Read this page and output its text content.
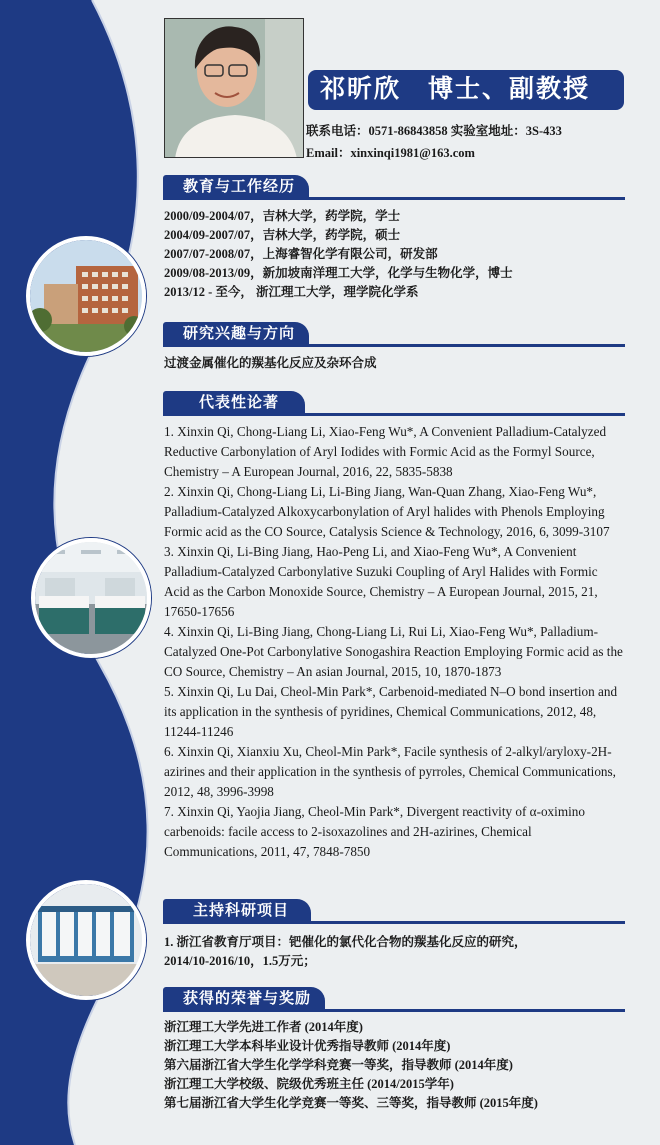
祁昕欣　博士、副教授
联系电话：0571-86843858 实验室地址：3S-433
Email：xinxinqi1981@163.com
教育与工作经历
2000/09-2004/07，吉林大学，药学院，学士
2004/09-2007/07，吉林大学，药学院，硕士
2007/07-2008/07，上海睿智化学有限公司，研发部
2009/08-2013/09，新加坡南洋理工大学，化学与生物化学，博士
2013/12 - 至今， 浙江理工大学，理学院化学系
研究兴趣与方向
过渡金属催化的羰基化反应及杂环合成
代表性论著
1. Xinxin Qi, Chong-Liang Li, Xiao-Feng Wu*, A Convenient Palladium-Catalyzed Reductive Carbonylation of Aryl Iodides with Formic Acid as the Formyl Source, Chemistry – A European Journal, 2016, 22, 5835-5838
2. Xinxin Qi, Chong-Liang Li, Li-Bing Jiang, Wan-Quan Zhang, Xiao-Feng Wu*, Palladium-Catalyzed Alkoxycarbonylation of Aryl halides with Phenols Employing Formic acid as the CO Source, Catalysis Science & Technology, 2016, 6, 3099-3107
3. Xinxin Qi, Li-Bing Jiang, Hao-Peng Li, and Xiao-Feng Wu*, A Convenient Palladium-Catalyzed Carbonylative Suzuki Coupling of Aryl Halides with Formic Acid as the Carbon Monoxide Source, Chemistry – A European Journal, 2015, 21, 17650-17656
4. Xinxin Qi, Li-Bing Jiang, Chong-Liang Li, Rui Li, Xiao-Feng Wu*, Palladium-Catalyzed One-Pot Carbonylative Sonogashira Reaction Employing Formic acid as the CO Source, Chemistry – An asian Journal, 2015, 10, 1870-1873
5. Xinxin Qi, Lu Dai, Cheol-Min Park*, Carbenoid-mediated N–O bond insertion and its application in the synthesis of pyridines, Chemical Communications, 2012, 48, 11244-11246
6. Xinxin Qi, Xianxiu Xu, Cheol-Min Park*, Facile synthesis of 2-alkyl/aryloxy-2H-azirines and their application in the synthesis of pyrroles, Chemical Communications, 2012, 48, 3996-3998
7. Xinxin Qi, Yaojia Jiang, Cheol-Min Park*, Divergent reactivity of α-oximino carbenoids: facile access to 2-isoxazolines and 2H-azirines, Chemical Communications, 2011, 47, 7848-7850
主持科研项目
1. 浙江省教育厅项目：钯催化的氯代化合物的羰基化反应的研究，
2014/10-2016/10，1.5万元；
获得的荣誉与奖励
浙江理工大学先进工作者 (2014年度)
浙江理工大学本科毕业设计优秀指导教师 (2014年度)
第六届浙江省大学生化学学科竞赛一等奖，指导教师 (2014年度)
浙江理工大学校级、院级优秀班主任 (2014/2015学年)
第七届浙江省大学生化学竞赛一等奖、三等奖，指导教师 (2015年度)
